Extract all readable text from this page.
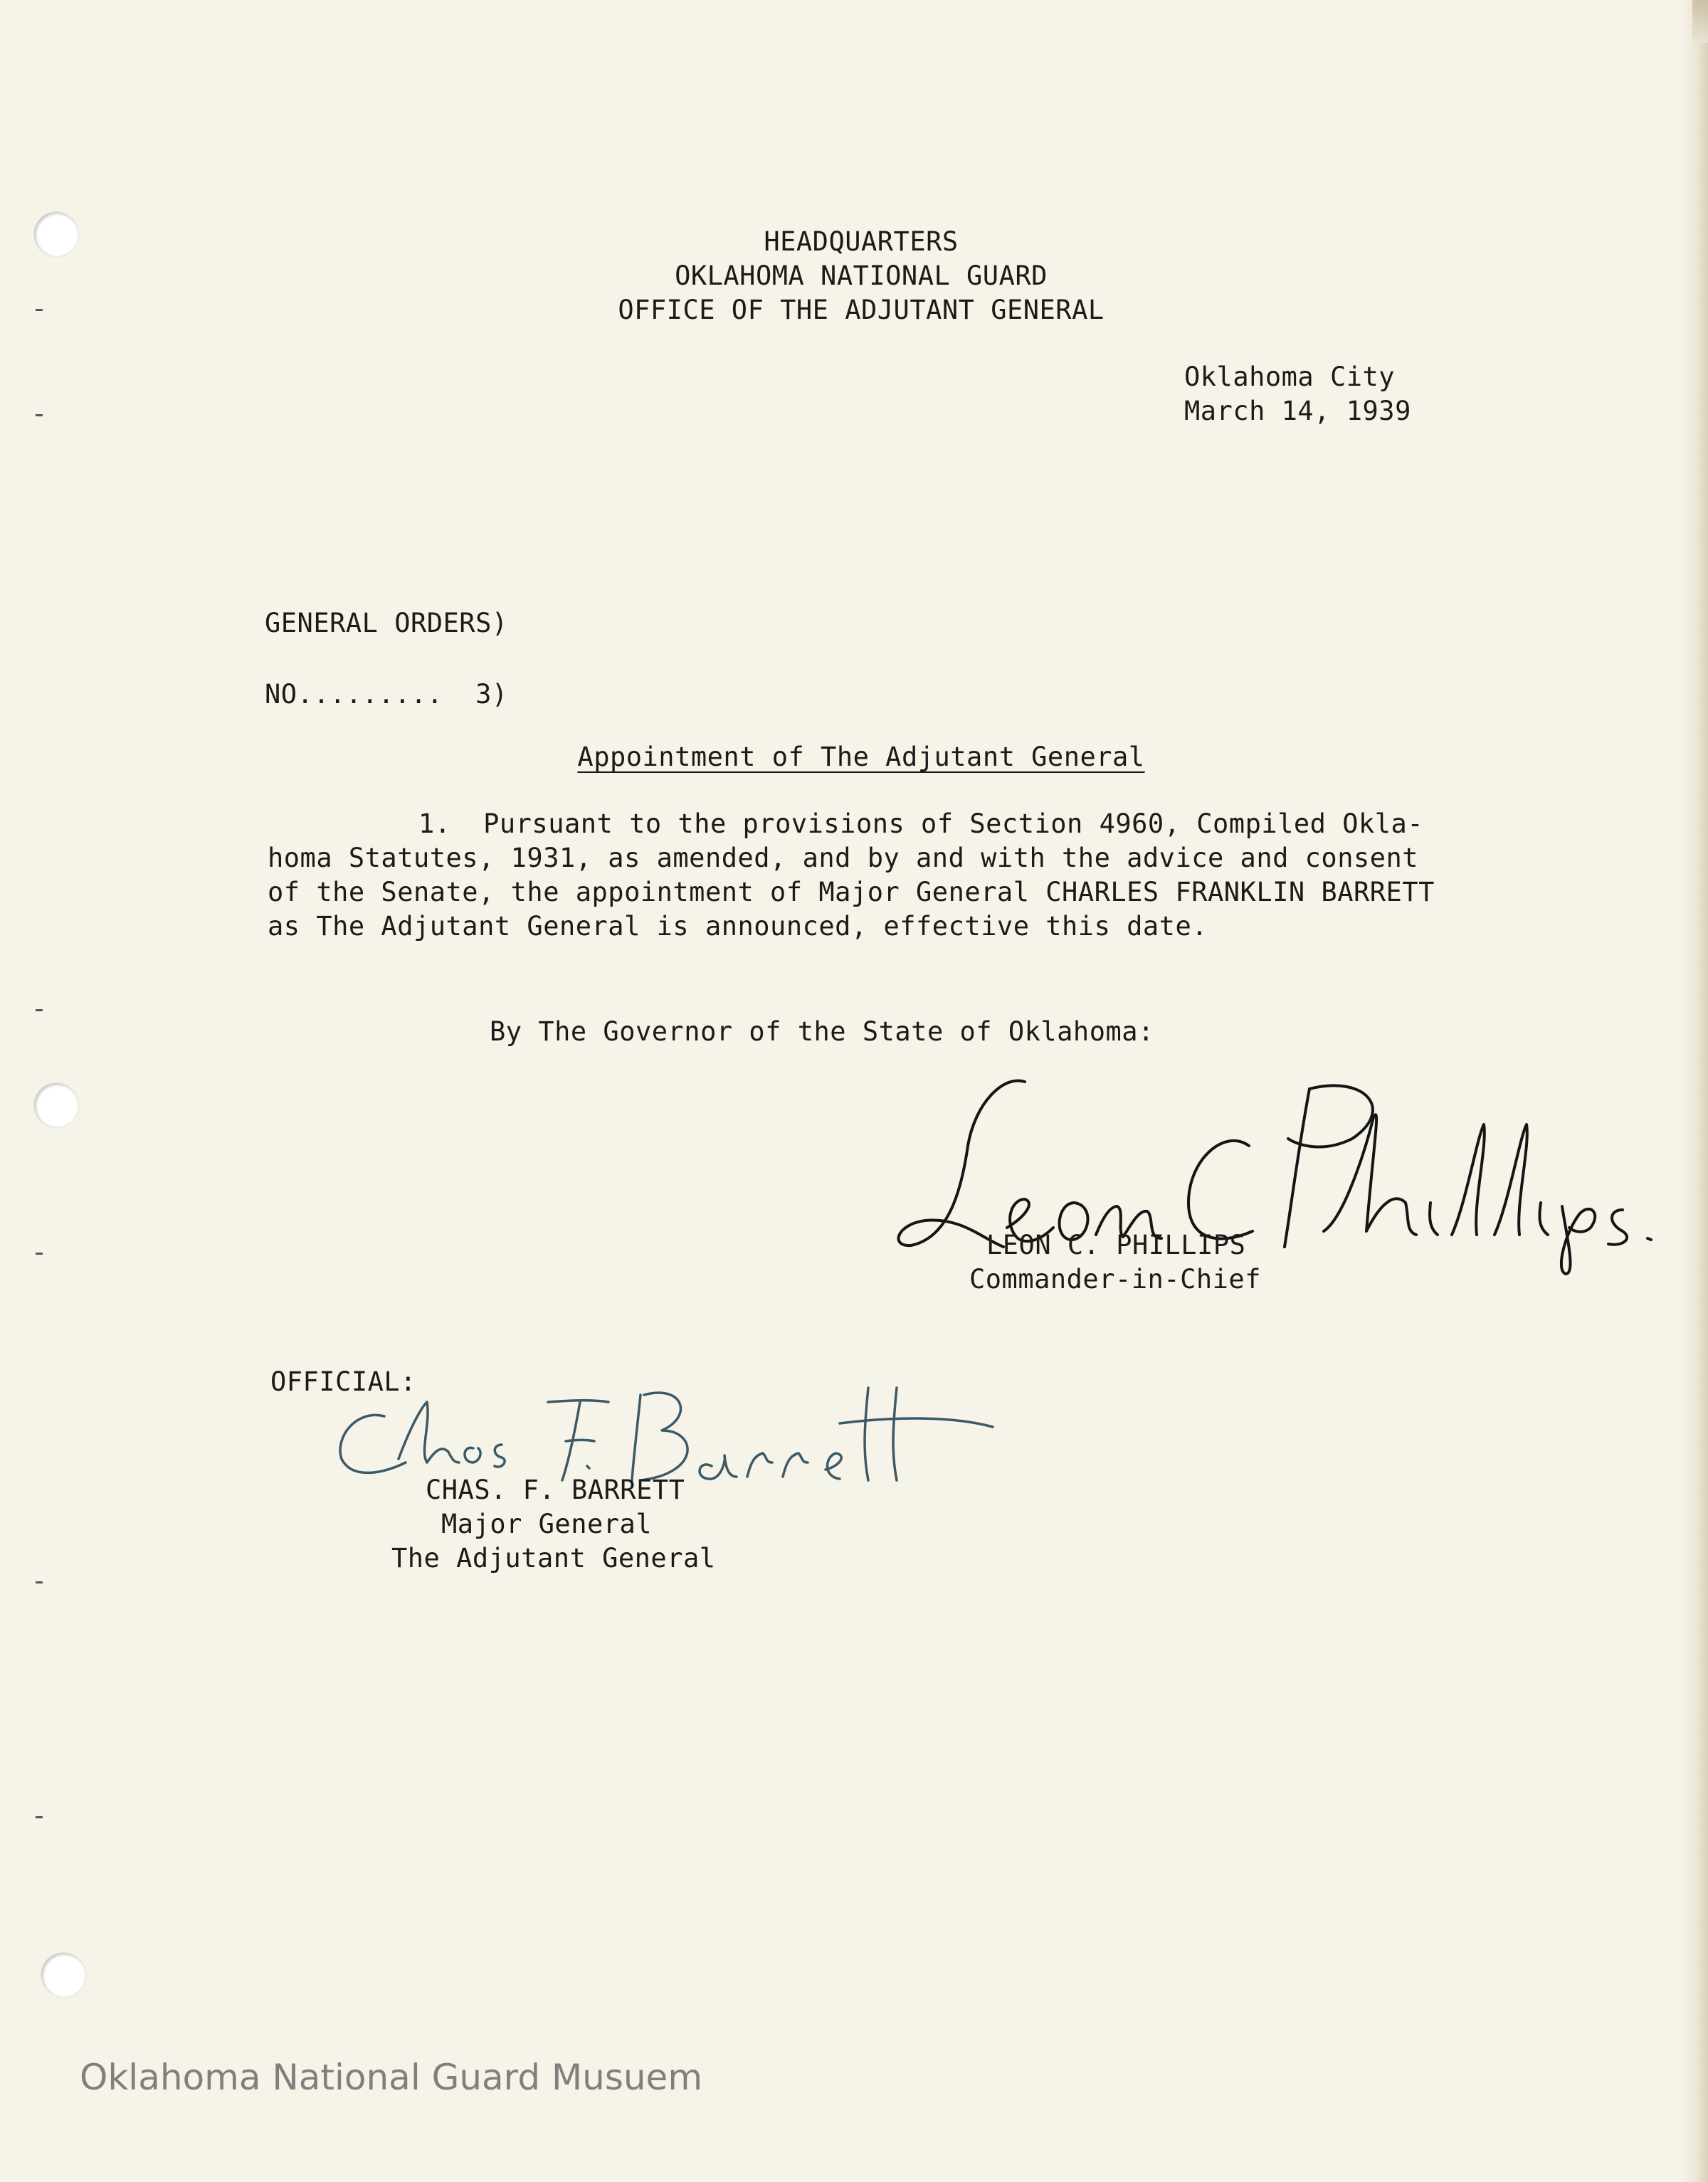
HEADQUARTERS

OKLAHOMA NATIONAL GUARD

OFFICE OF THE ADJUTANT GENERAL

Oklahoma City

March 14, 1939

GENERAL ORDERS)

NO.........  3)

Appointment of The Adjutant General

1.  Pursuant to the provisions of Section 4960, Compiled Okla-

homa Statutes, 1931, as amended, and by and with the advice and consent

of the Senate, the appointment of Major General CHARLES FRANKLIN BARRETT

as The Adjutant General is announced, effective this date.

By The Governor of the State of Oklahoma:

LEON C. PHILLIPS

Commander-in-Chief

OFFICIAL:

CHAS. F. BARRETT

Major General

The Adjutant General

Oklahoma National Guard Musuem
